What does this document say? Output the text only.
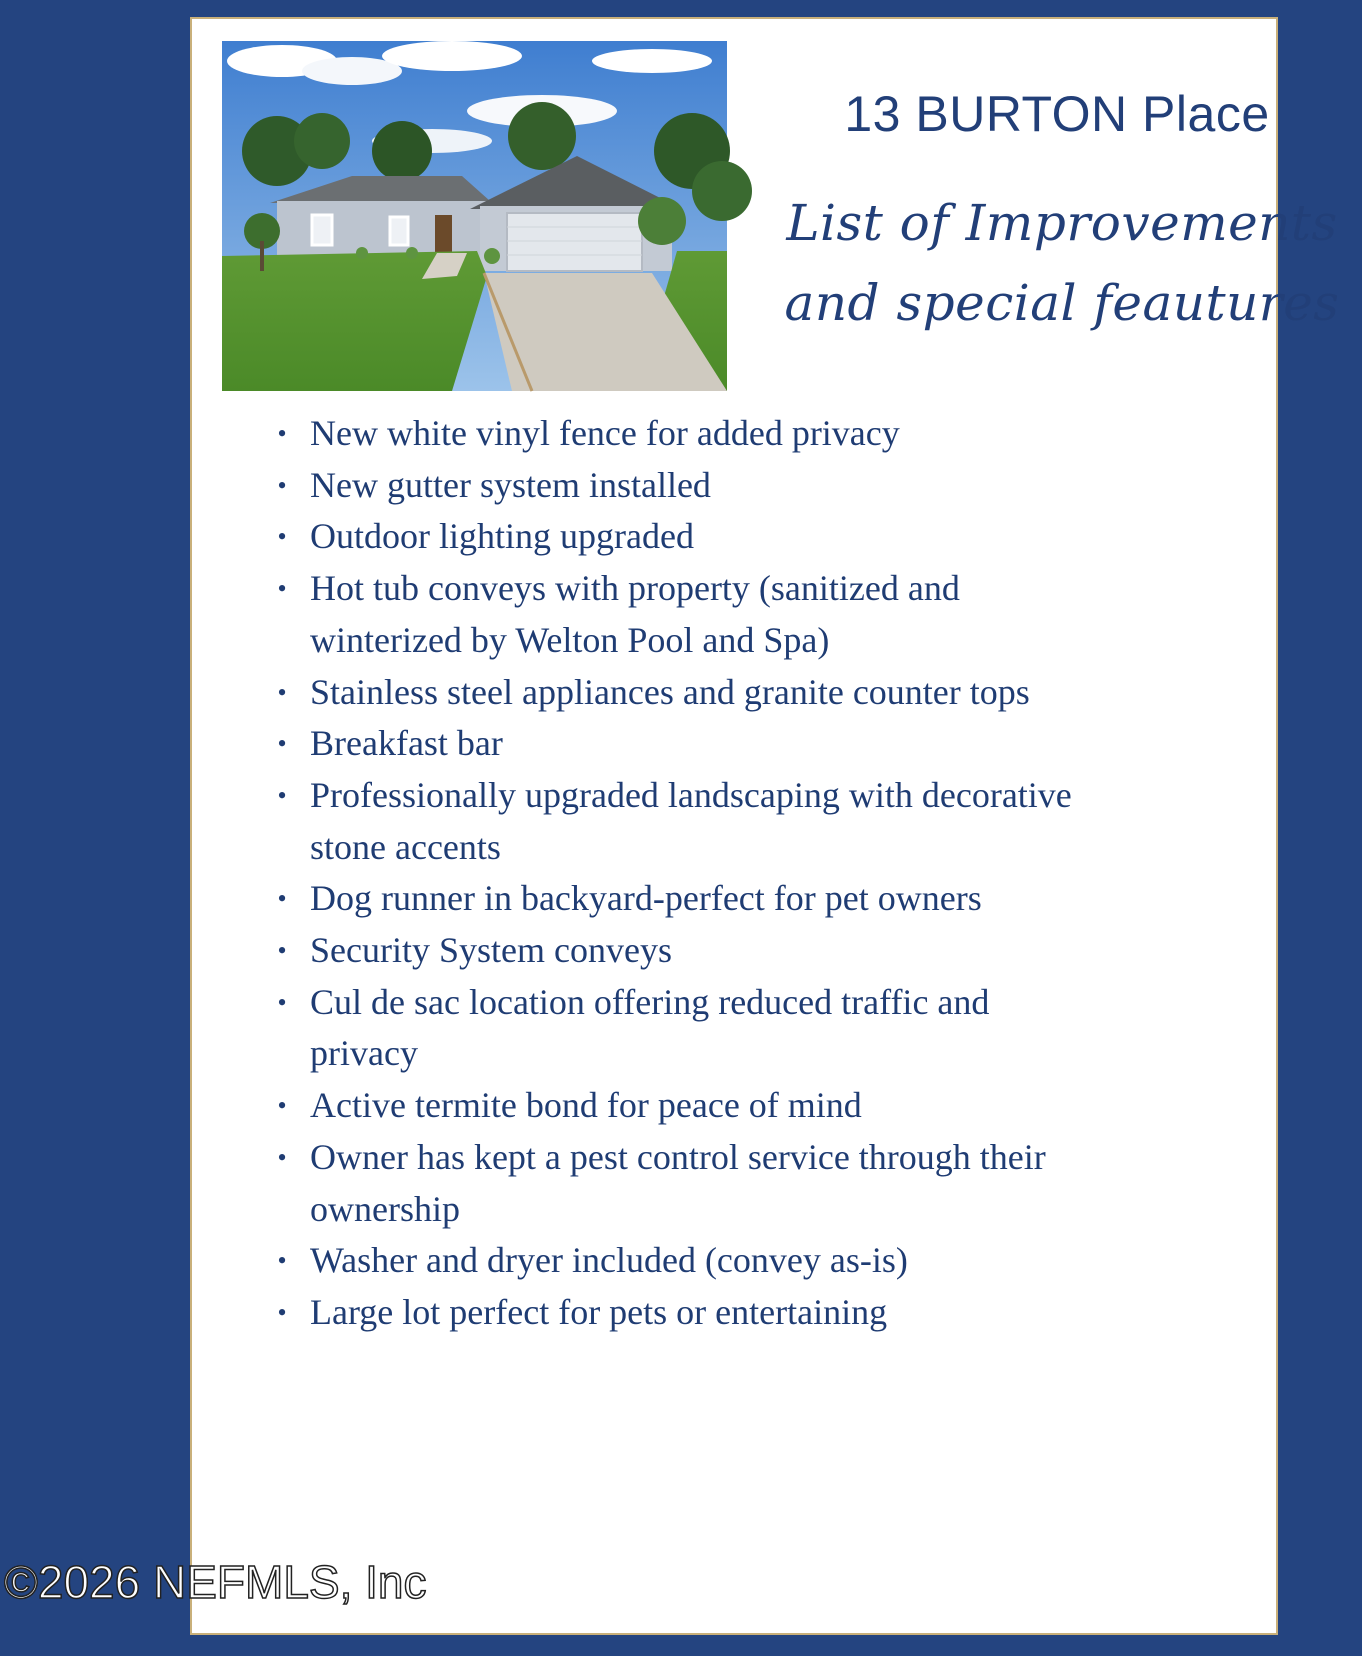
13 BURTON Place
List of Improvements
and special feautures
• New white vinyl fence for added privacy
• New gutter system installed
• Outdoor lighting upgraded
• Hot tub conveys with property (sanitized and winterized by Welton Pool and Spa)
• Stainless steel appliances and granite counter tops
• Breakfast bar
• Professionally upgraded landscaping with decorative stone accents
• Dog runner in backyard-perfect for pet owners
• Security System conveys
• Cul de sac location offering reduced traffic and privacy
• Active termite bond for peace of mind
• Owner has kept a pest control service through their ownership
• Washer and dryer included (convey as-is)
• Large lot perfect for pets or entertaining
©2026 NEFMLS, Inc
